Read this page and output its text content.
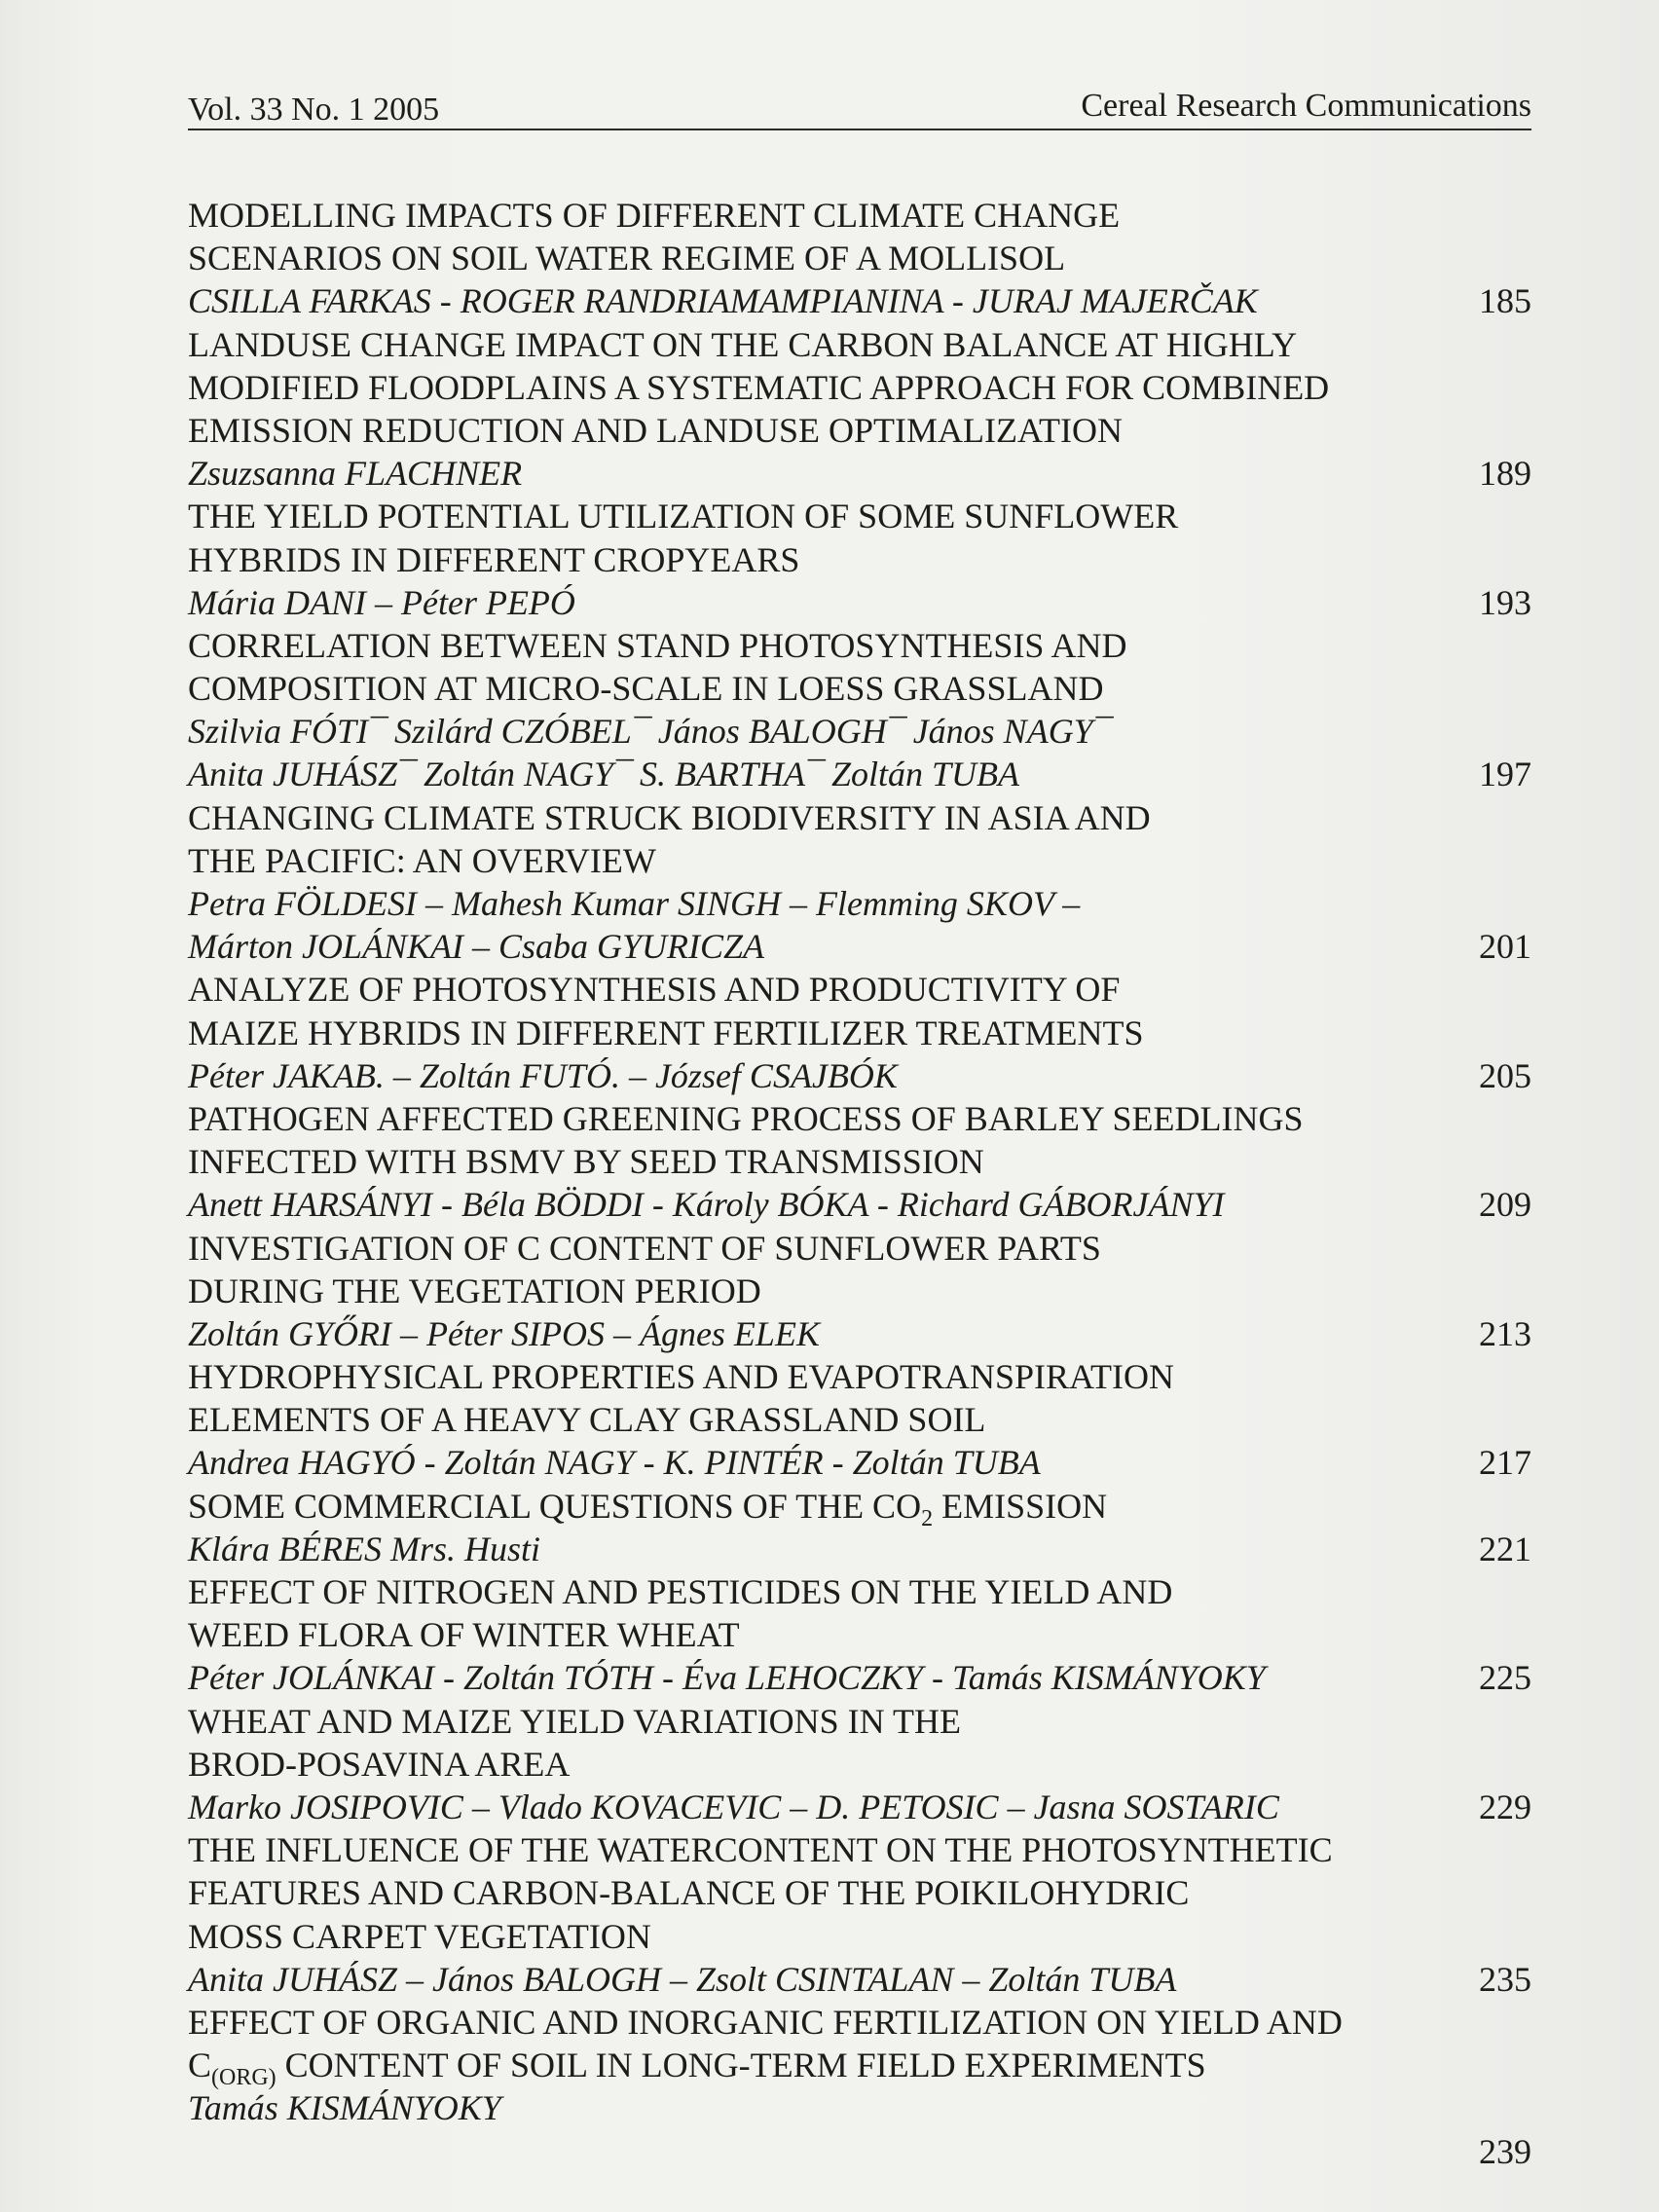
Vol. 33 No. 1 2005	Cereal Research Communications
MODELLING IMPACTS OF DIFFERENT CLIMATE CHANGE
SCENARIOS ON SOIL WATER REGIME OF A MOLLISOL
CSILLA FARKAS - ROGER RANDRIAMAMPIANINA - JURAJ MAJERČAK	185
LANDUSE CHANGE IMPACT ON THE CARBON BALANCE AT HIGHLY
MODIFIED FLOODPLAINS A SYSTEMATIC APPROACH FOR COMBINED
EMISSION REDUCTION AND LANDUSE OPTIMALIZATION
Zsuzsanna FLACHNER	189
THE YIELD POTENTIAL UTILIZATION OF SOME SUNFLOWER
HYBRIDS IN DIFFERENT CROPYEARS
Mária DANI – Péter PEPÓ	193
CORRELATION BETWEEN STAND PHOTOSYNTHESIS AND
COMPOSITION AT MICRO-SCALE IN LOESS GRASSLAND
Szilvia FÓTI¯ Szilárd CZÓBEL¯ János BALOGH¯ János NAGY¯
Anita JUHÁSZ¯ Zoltán NAGY¯ S. BARTHA¯ Zoltán TUBA	197
CHANGING CLIMATE STRUCK BIODIVERSITY IN ASIA AND
THE PACIFIC: AN OVERVIEW
Petra FÖLDESI – Mahesh Kumar SINGH – Flemming SKOV –
Márton JOLÁNKAI – Csaba GYURICZA	201
ANALYZE OF PHOTOSYNTHESIS AND PRODUCTIVITY OF
MAIZE HYBRIDS IN DIFFERENT FERTILIZER TREATMENTS
Péter JAKAB. – Zoltán FUTÓ. – József CSAJBÓK	205
PATHOGEN AFFECTED GREENING PROCESS OF BARLEY SEEDLINGS
INFECTED WITH BSMV BY SEED TRANSMISSION
Anett HARSÁNYI - Béla BÖDDI - Károly BÓKA - Richard GÁBORJÁNYI	209
INVESTIGATION OF C CONTENT OF SUNFLOWER PARTS
DURING THE VEGETATION PERIOD
Zoltán GYŐRI – Péter SIPOS – Ágnes ELEK	213
HYDROPHYSICAL PROPERTIES AND EVAPOTRANSPIRATION
ELEMENTS OF A HEAVY CLAY GRASSLAND SOIL
Andrea HAGYÓ - Zoltán NAGY - K. PINTÉR - Zoltán TUBA	217
SOME COMMERCIAL QUESTIONS OF THE $CO_2$ EMISSION
Klára BÉRES Mrs. Husti	221
EFFECT OF NITROGEN AND PESTICIDES ON THE YIELD AND
WEED FLORA OF WINTER WHEAT
Péter JOLÁNKAI - Zoltán TÓTH - Éva LEHOCZKY - Tamás KISMÁNYOKY	225
WHEAT AND MAIZE YIELD VARIATIONS IN THE
BROD-POSAVINA AREA
Marko JOSIPOVIC – Vlado KOVACEVIC – D. PETOSIC – Jasna SOSTARIC	229
THE INFLUENCE OF THE WATERCONTENT ON THE PHOTOSYNTHETIC
FEATURES AND CARBON-BALANCE OF THE POIKILOHYDRIC
MOSS CARPET VEGETATION
Anita JUHÁSZ – János BALOGH – Zsolt CSINTALAN – Zoltán TUBA	235
EFFECT OF ORGANIC AND INORGANIC FERTILIZATION ON YIELD AND
$C_{(ORG)}$ CONTENT OF SOIL IN LONG-TERM FIELD EXPERIMENTS
Tamás KISMÁNYOKY
239
